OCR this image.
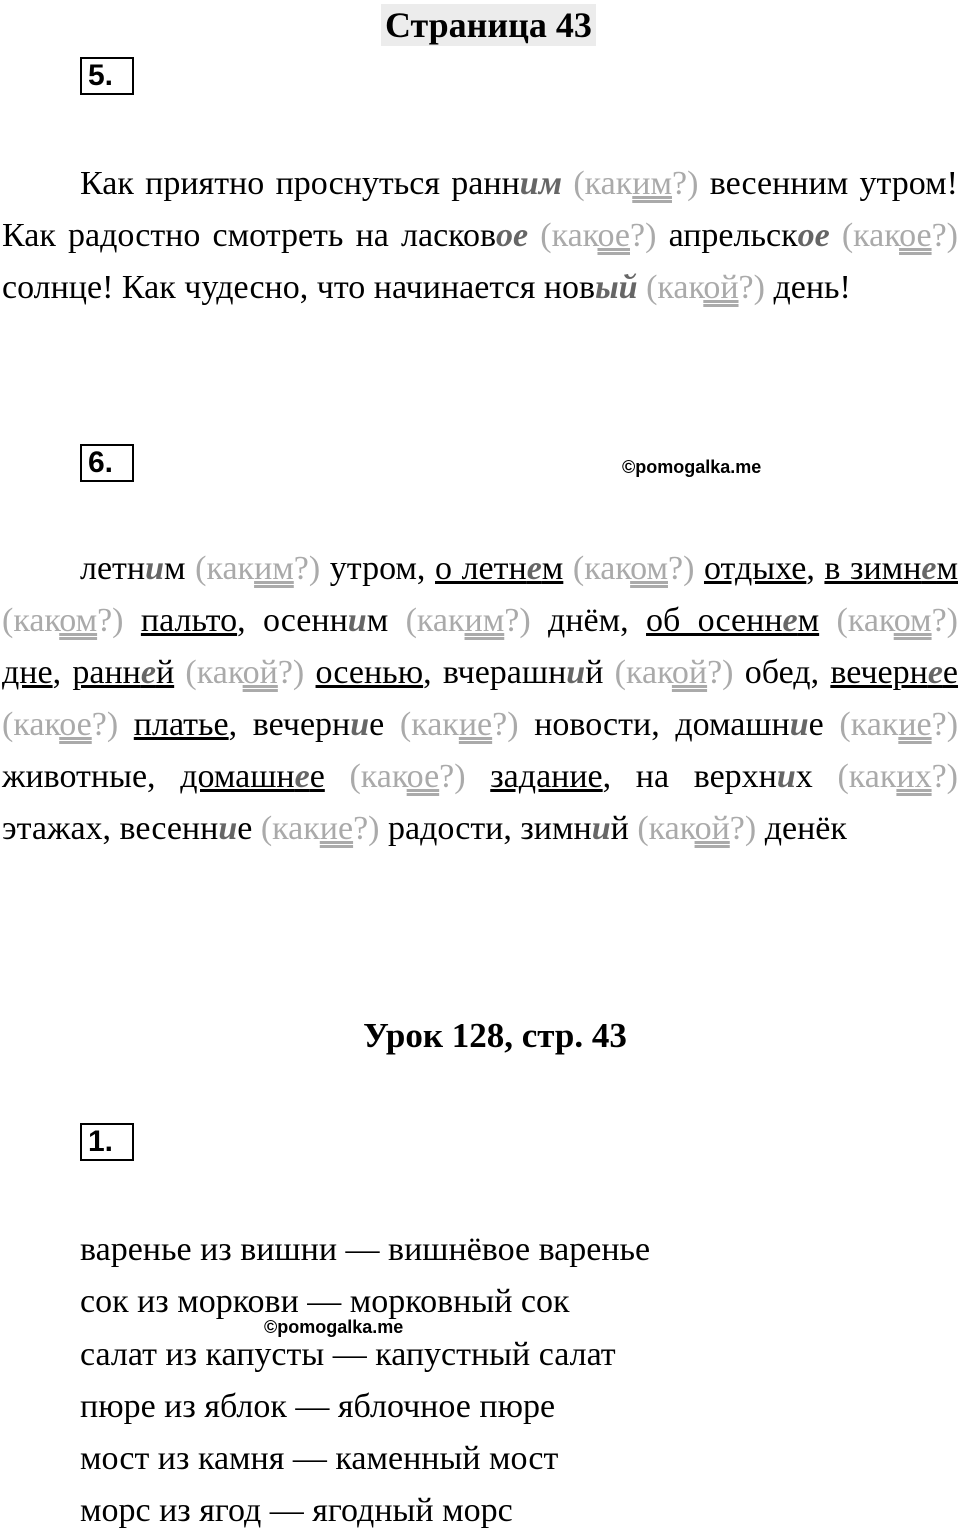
Страница 43
5.
Как приятно проснуться ранним (каким?) весенним утром! Как радостно смотреть на ласковое (какое?) апрельское (какое?) солнце! Как чудесно, что начинается новый (какой?) день!
6.	©pomogalka.me
летним (каким?) утром, о летнем (каком?) отдыхе, в зимнем (каком?) пальто, осенним (каким?) днём, об осеннем (каком?) дне, ранней (какой?) осенью, вчерашний (какой?) обед, вечернее (какое?) платье, вечерние (какие?) новости, домашние (какие?) животные, домашнее (какое?) задание, на верхних (каких?) этажах, весенние (какие?) радости, зимний (какой?) денёк
Урок 128, стр. 43
1.
варенье из вишни — вишнёвое варенье
сок из моркови — морковный сок
салат из капусты — капустный салат
пюре из яблок — яблочное пюре
мост из камня — каменный мост
морс из ягод — ягодный морс
©pomogalka.me
